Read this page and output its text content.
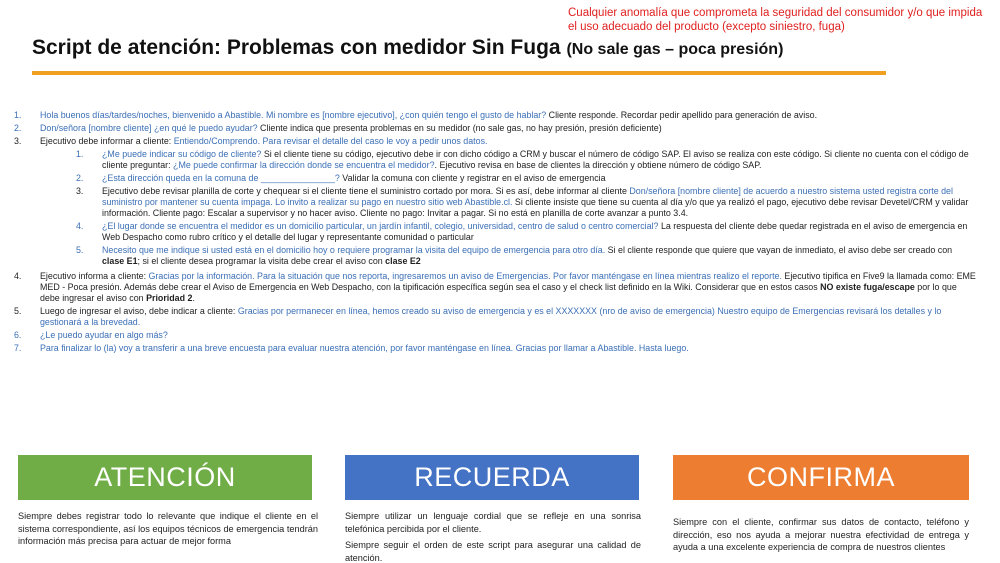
Cualquier anomalía que comprometa la seguridad del consumidor y/o que impida el uso adecuado del producto (excepto siniestro, fuga)
Script de atención: Problemas con medidor Sin Fuga (No sale gas – poca presión)
1.	Hola buenos días/tardes/noches, bienvenido a Abastible. Mi nombre es [nombre ejecutivo], ¿con quién tengo el gusto de hablar? Cliente responde. Recordar pedir apellido para generación de aviso.
2.	Don/señora [nombre cliente] ¿en qué le puedo ayudar? Cliente indica que presenta problemas en su medidor (no sale gas, no hay presión, presión deficiente)
3.	Ejecutivo debe informar a cliente: Entiendo/Comprendo. Para revisar el detalle del caso le voy a pedir unos datos.
1.	¿Me puede indicar su código de cliente? Si el cliente tiene su código, ejecutivo debe ir con dicho código a CRM y buscar el número de código SAP. El aviso se realiza con este código. Si cliente no cuenta con el código de cliente preguntar: ¿Me puede confirmar la dirección donde se encuentra el medidor?. Ejecutivo revisa en base de clientes la dirección y obtiene número de código SAP.
2.	¿Esta dirección queda en la comuna de _______________? Validar la comuna con cliente y registrar en el aviso de emergencia
3.	Ejecutivo debe revisar planilla de corte y chequear si el cliente tiene el suministro cortado por mora. Si es así, debe informar al cliente Don/señora [nombre cliente] de acuerdo a nuestro sistema usted registra corte del suministro por mantener su cuenta impaga. Lo invito a realizar su pago en nuestro sitio web Abastible.cl. Si cliente insiste que tiene su cuenta al día y/o que ya realizó el pago, ejecutivo debe revisar Devetel/CRM y validar información. Cliente pago: Escalar a supervisor y no hacer aviso. Cliente no pago: Invitar a pagar. Si no está en planilla de corte avanzar a punto 3.4.
4.	¿El lugar donde se encuentra el medidor es un domicilio particular, un jardín infantil, colegio, universidad, centro de salud o centro comercial? La respuesta del cliente debe quedar registrada en el aviso de emergencia en Web Despacho como rubro crítico y el detalle del lugar y representante comunidad o particular
5.	Necesito que me indique si usted está en el domicilio hoy o requiere programar la visita del equipo de emergencia para otro día. Si el cliente responde que quiere que vayan de inmediato, el aviso debe ser creado con clase E1; si el cliente desea programar la visita debe crear el aviso con clase E2
4.	Ejecutivo informa a cliente: Gracias por la información. Para la situación que nos reporta, ingresaremos un aviso de Emergencias. Por favor manténgase en línea mientras realizo el reporte. Ejecutivo tipifica en Five9 la llamada como: EME MED - Poca presión. Además debe crear el Aviso de Emergencia en Web Despacho, con la tipificación específica según sea el caso y el check list definido en la Wiki. Considerar que en estos casos NO existe fuga/escape por lo que debe ingresar el aviso con Prioridad 2.
5.	Luego de ingresar el aviso, debe indicar a cliente: Gracias por permanecer en línea, hemos creado su aviso de emergencia y es el XXXXXXX (nro de aviso de emergencia) Nuestro equipo de Emergencias revisará los detalles y lo gestionará a la brevedad.
6.	¿Le puedo ayudar en algo más?
7.	Para finalizar lo (la) voy a transferir a una breve encuesta para evaluar nuestra atención, por favor manténgase en línea. Gracias por llamar a Abastible. Hasta luego.
ATENCIÓN	RECUERDA	CONFIRMA

Siempre debes registrar todo lo relevante que indique el cliente en el sistema correspondiente, así los equipos técnicos de emergencia tendrán información más precisa para actuar de mejor forma

Siempre utilizar un lenguaje cordial que se refleje en una sonrisa telefónica percibida por el cliente.

Siempre seguir el orden de este script para asegurar una calidad de atención.

Siempre con el cliente, confirmar sus datos de contacto, teléfono y dirección, eso nos ayuda a mejorar nuestra efectividad de entrega y ayuda a una excelente experiencia de compra de nuestros clientes
